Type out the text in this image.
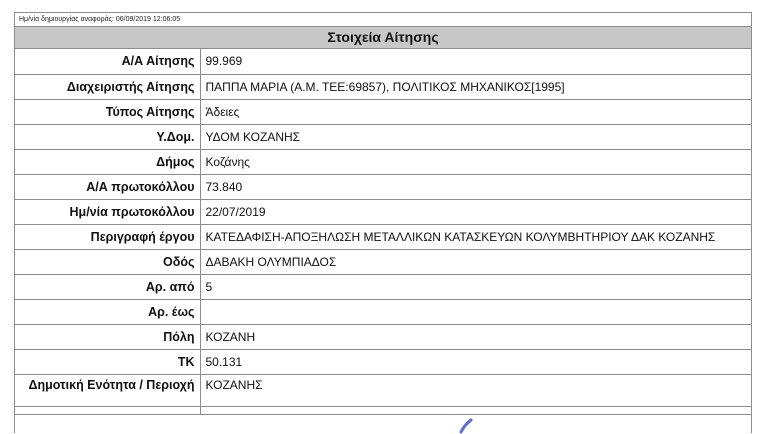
Ημ/νία δημιουργίας αναφοράς: 06/09/2019 12:06:05
Στοιχεία Αίτησης
Α/Α Αίτησης	99.969
Διαχειριστής Αίτησης	ΠΑΠΠΑ ΜΑΡΙΑ (Α.Μ. ΤΕΕ:69857), ΠΟΛΙΤΙΚΟΣ ΜΗΧΑΝΙΚΟΣ[1995]
Τύπος Αίτησης	Άδειες
Υ.Δομ.	ΥΔΟΜ ΚΟΖΑΝΗΣ
Δήμος	Κοζάνης
Α/Α πρωτοκόλλου	73.840
Ημ/νία πρωτοκόλλου	22/07/2019
Περιγραφή έργου	ΚΑΤΕΔΑΦΙΣΗ-ΑΠΟΞΗΛΩΣΗ ΜΕΤΑΛΛΙΚΩΝ ΚΑΤΑΣΚΕΥΩΝ ΚΟΛΥΜΒΗΤΗΡΙΟΥ ΔΑΚ ΚΟΖΑΝΗΣ
Οδός	ΔΑΒΑΚΗ ΟΛΥΜΠΙΑΔΟΣ
Αρ. από	5
Αρ. έως	
Πόλη	ΚΟΖΑΝΗ
ΤΚ	50.131
Δημοτική Ενότητα / Περιοχή	ΚΟΖΑΝΗΣ
